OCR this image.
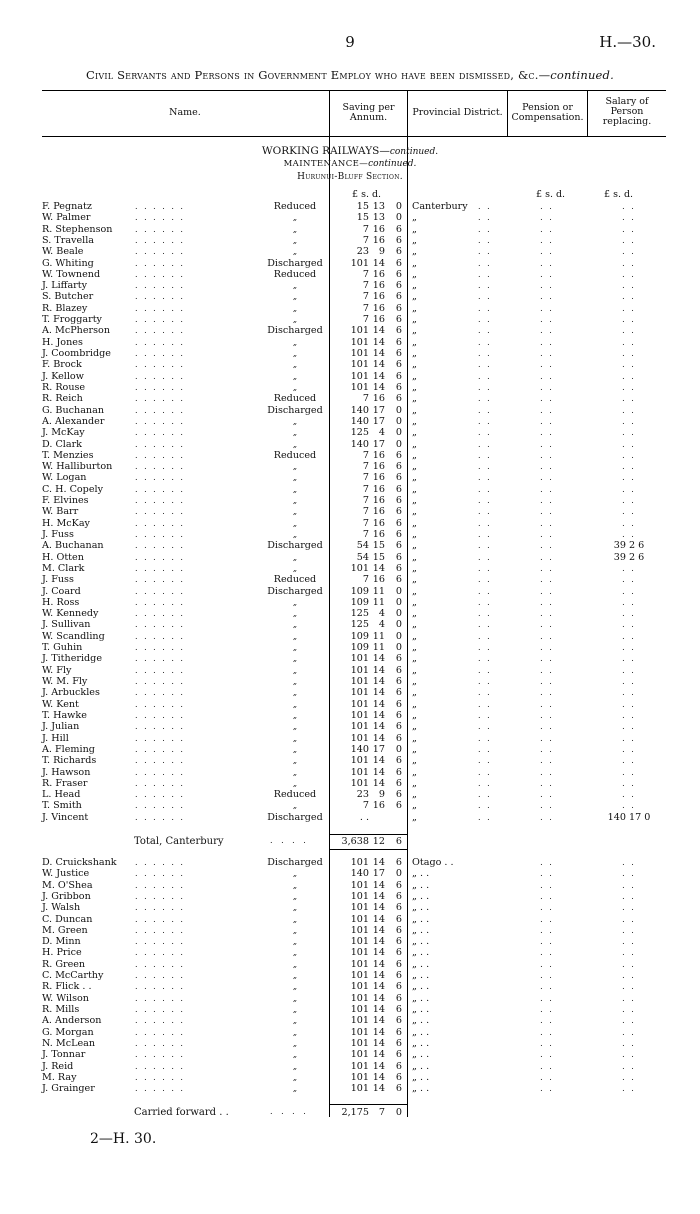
9	H.—30.
Civil Servants and Persons in Government Employ who have been dismissed, &c.—continued.
Name.	Saving per
Annum.	Provincial District.	Pension or
Compensation.
Salary of
Person
replacing.
WORKING RAILWAYS—continued.
MAINTENANCE—continued.
Hurunui-Bluff Section.
£ s. d.	£ s. d.	£ s. d.
F. Pegnatz	. . . . . .	Reduced	15 13	0 Canterbury . .	. .	. .
W. Palmer	. . . . . .	„	15 13	0 „	. .	. .	. .
R. Stephenson	. . . . . .	„	7 16	6 „	. .	. .	. .
S. Travella	. . . . . .	„	7 16	6 „	. .	. .	. .
W. Beale	. . . . . .	„	23	9	6 „	. .	. .	. .
G. Whiting	. . . . . .	Discharged	101 14	6 „	. .	. .	. .
W. Townend	. . . . . .	Reduced	7 16	6 „	. .	. .	. .
J. Liffarty	. . . . . .	„	7 16	6 „	. .	. .	. .
S. Butcher	. . . . . .	„	7 16	6 „	. .	. .	. .
R. Blazey	. . . . . .	„	7 16	6 „	. .	. .	. .
T. Froggarty	. . . . . .	„	7 16	6 „	. .	. .	. .
A. McPherson	. . . . . .	Discharged	101 14	6 „	. .	. .	. .
H. Jones	. . . . . .	„	101 14	6 „	. .	. .	. .
J. Coombridge	. . . . . .	„	101 14	6 „	. .	. .	. .
F. Brock	. . . . . .	„	101 14	6 „	. .	. .	. .
J. Kellow	. . . . . .	„	101 14	6 „	. .	. .	. .
R. Rouse	. . . . . .	„	101 14	6 „	. .	. .	. .
R. Reich	. . . . . .	Reduced	7 16	6 „	. .	. .	. .
G. Buchanan	. . . . . .	Discharged	140 17	0 „	. .	. .	. .
A. Alexander	. . . . . .	„	140 17	0 „	. .	. .	. .
J. McKay	. . . . . .	„	125	4	0 „	. .	. .	. .
D. Clark	. . . . . .	„	140 17	0 „	. .	. .	. .
T. Menzies	. . . . . .	Reduced	7 16	6 „	. .	. .	. .
W. Halliburton	. . . . . .	„	7 16	6 „	. .	. .	. .
W. Logan	. . . . . .	„	7 16	6 „	. .	. .	. .
C. H. Copely	. . . . . .	„	7 16	6 „	. .	. .	. .
F. Elvines	. . . . . .	„	7 16	6 „	. .	. .	. .
W. Barr	. . . . . .	„	7 16	6 „	. .	. .	. .
H. McKay	. . . . . .	„	7 16	6 „	. .	. .	. .
J. Fuss	. . . . . .	„	7 16	6 „	. .	. .	. .
A. Buchanan	. . . . . .	Discharged	54 15	6 „	. .	. .	39 2 6
H. Otten	. . . . . .	„	54 15	6 „	. .	. .	39 2 6
M. Clark	. . . . . .	„	101 14	6 „	. .	. .	. .
J. Fuss	. . . . . .	Reduced	7 16	6 „	. .	. .	. .
J. Coard	. . . . . .	Discharged	109 11	0 „	. .	. .	. .
H. Ross	. . . . . .	„	109 11	0 „	. .	. .	. .
W. Kennedy	. . . . . .	„	125	4	0 „	. .	. .	. .
J. Sullivan	. . . . . .	„	125	4	0 „	. .	. .	. .
W. Scandling	. . . . . .	„	109 11	0 „	. .	. .	. .
T. Guhin	. . . . . .	„	109 11	0 „	. .	. .	. .
J. Titheridge	. . . . . .	„	101 14	6 „	. .	. .	. .
W. Fly	. . . . . .	„	101 14	6 „	. .	. .	. .
W. M. Fly	. . . . . .	„	101 14	6 „	. .	. .	. .
J. Arbuckles	. . . . . .	„	101 14	6 „	. .	. .	. .
W. Kent	. . . . . .	„	101 14	6 „	. .	. .	. .
T. Hawke	. . . . . .	„	101 14	6 „	. .	. .	. .
J. Julian	. . . . . .	„	101 14	6 „	. .	. .	. .
J. Hill	. . . . . .	„	101 14	6 „	. .	. .	. .
A. Fleming	. . . . . .	„	140 17	0 „	. .	. .	. .
T. Richards	. . . . . .	„	101 14	6 „	. .	. .	. .
J. Hawson	. . . . . .	„	101 14	6 „	. .	. .	. .
R. Fraser	. . . . . .	„	101 14	6 „	. .	. .	. .
L. Head	. . . . . .	Reduced	23	9	6 „	. .	. .	. .
T. Smith	. . . . . .	„	7 16	6 „	. .	. .	. .
J. Vincent	. . . . . .	Discharged	. .	„	. .	. .	140 17 0
Total, Canterbury	. . . .	3,638 12	6
D. Cruickshank . . . . . .	Discharged	101 14	6 Otago . .	. .	. .
W. Justice	. . . . . .	„	140 17	0 „ . .	. .	. .
M. O'Shea	. . . . . .	„	101 14	6 „ . .	. .	. .
J. Gribbon	. . . . . .	„	101 14	6 „ . .	. .	. .
J. Walsh	. . . . . .	„	101 14	6 „ . .	. .	. .
C. Duncan	. . . . . .	„	101 14	6 „ . .	. .	. .
M. Green	. . . . . .	„	101 14	6 „ . .	. .	. .
D. Minn	. . . . . .	„	101 14	6 „ . .	. .	. .
H. Price	. . . . . .	„	101 14	6 „ . .	. .	. .
R. Green	. . . . . .	„	101 14	6 „ . .	. .	. .
C. McCarthy	. . . . . .	„	101 14	6 „ . .	. .	. .
R. Flick . .	. . . . . .	„	101 14	6 „ . .	. .	. .
W. Wilson	. . . . . .	„	101 14	6 „ . .	. .	. .
R. Mills	. . . . . .	„	101 14	6 „ . .	. .	. .
A. Anderson	. . . . . .	„	101 14	6 „ . .	. .	. .
G. Morgan	. . . . . .	„	101 14	6 „ . .	. .	. .
N. McLean	. . . . . .	„	101 14	6 „ . .	. .	. .
J. Tonnar	. . . . . .	„	101 14	6 „ . .	. .	. .
J. Reid	. . . . . .	„	101 14	6 „ . .	. .	. .
M. Ray	. . . . . .	„	101 14	6 „ . .	. .	. .
J. Grainger	. . . . . .	„	101 14	6 „ . .	. .	. .
Carried forward . .	. . . .	2,175	7	0
2—H. 30.
